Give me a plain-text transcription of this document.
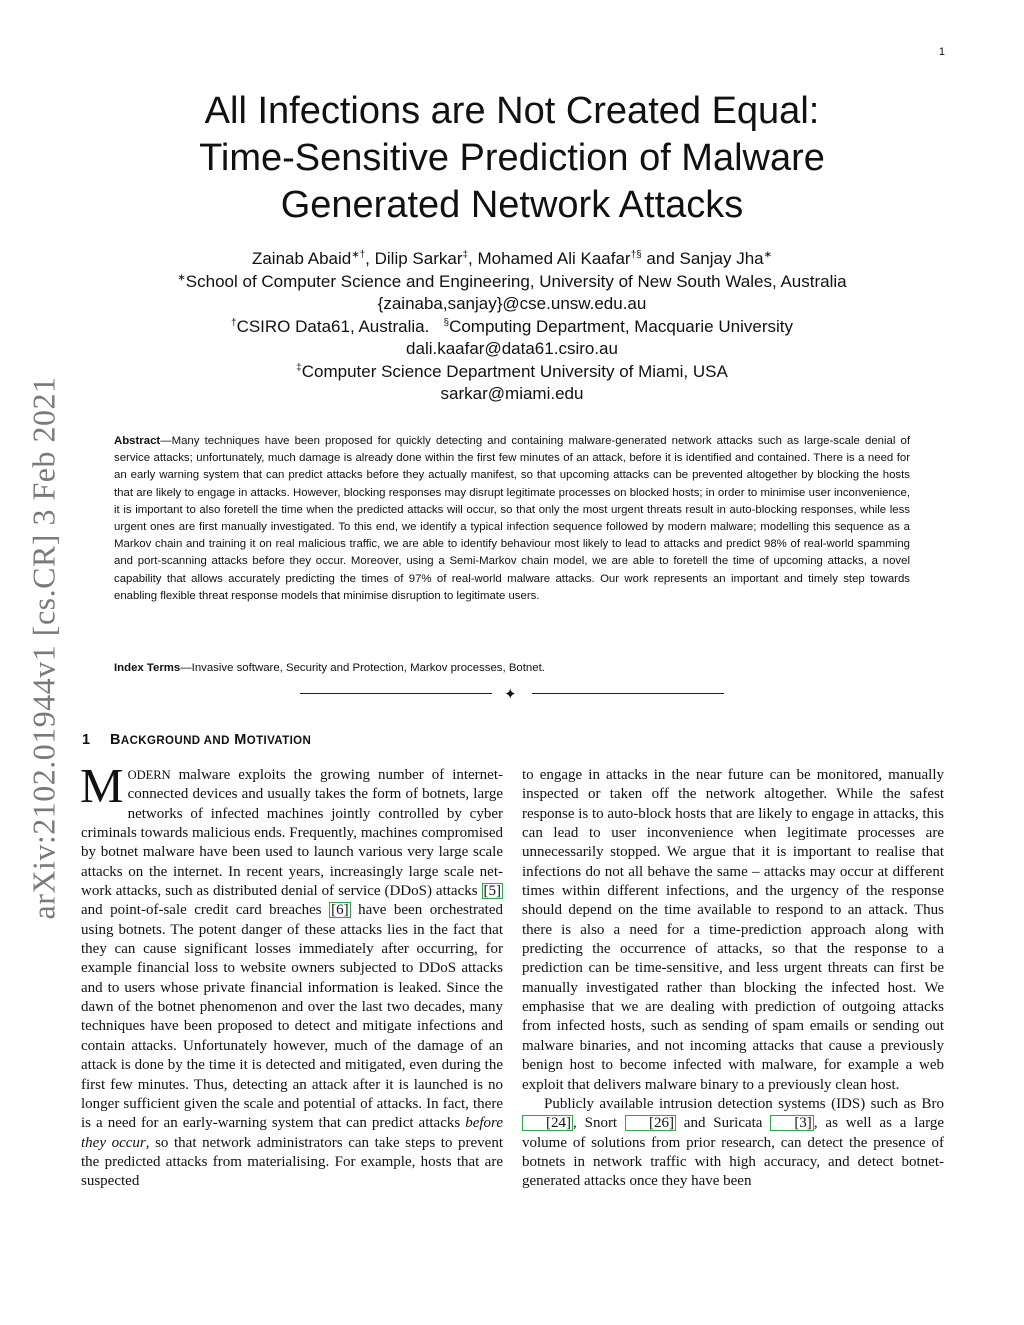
1
arXiv:2102.01944v1 [cs.CR] 3 Feb 2021
All Infections are Not Created Equal:
Time-Sensitive Prediction of Malware
Generated Network Attacks
Zainab Abaid∗†, Dilip Sarkar‡, Mohamed Ali Kaafar†§ and Sanjay Jha∗
∗School of Computer Science and Engineering, University of New South Wales, Australia
{zainaba,sanjay}@cse.unsw.edu.au
†CSIRO Data61, Australia. §Computing Department, Macquarie University
dali.kaafar@data61.csiro.au
‡Computer Science Department University of Miami, USA
sarkar@miami.edu
Abstract—Many techniques have been proposed for quickly detecting and containing malware-generated network attacks such as large-scale denial of service attacks; unfortunately, much damage is already done within the first few minutes of an attack, before it is identified and contained. There is a need for an early warning system that can predict attacks before they actually manifest, so that upcoming attacks can be prevented altogether by blocking the hosts that are likely to engage in attacks. However, blocking responses may disrupt legitimate processes on blocked hosts; in order to minimise user inconvenience, it is important to also foretell the time when the predicted attacks will occur, so that only the most urgent threats result in auto-blocking responses, while less urgent ones are first manually investigated. To this end, we identify a typical infection sequence followed by modern malware; modelling this sequence as a Markov chain and training it on real malicious traffic, we are able to identify behaviour most likely to lead to attacks and predict 98% of real-world spamming and port-scanning attacks before they occur. Moreover, using a Semi-Markov chain model, we are able to foretell the time of upcoming attacks, a novel capability that allows accurately predicting the times of 97% of real-world malware attacks. Our work represents an important and timely step towards enabling flexible threat response models that minimise disruption to legitimate users.
Index Terms—Invasive software, Security and Protection, Markov processes, Botnet.
✦
1 BACKGROUND AND MOTIVATION

MODERN malware exploits the growing number of internet-connected devices and usually takes the form of botnets, large networks of infected machines jointly controlled by cyber criminals towards malicious ends. Frequently, machines compromised by botnet malware have been used to launch various very large scale attacks on the internet. In recent years, increasingly large scale network attacks, such as distributed denial of service (DDoS) attacks [5] and point-of-sale credit card breaches [6] have been orchestrated using botnets. The potent danger of these attacks lies in the fact that they can cause significant losses immediately after occurring, for example financial loss to website owners subjected to DDoS attacks and to users whose private financial information is leaked. Since the dawn of the botnet phenomenon and over the last two decades, many techniques have been proposed to detect and mitigate infections and contain attacks. Unfortunately however, much of the damage of an attack is done by the time it is detected and mitigated, even during the first few minutes. Thus, detecting an attack after it is launched is no longer sufficient given the scale and potential of attacks. In fact, there is a need for an early-warning system that can predict attacks before they occur, so that network administrators can take steps to prevent the predicted attacks from materialising. For example, hosts that are suspected

to engage in attacks in the near future can be monitored, manually inspected or taken off the network altogether. While the safest response is to auto-block hosts that are likely to engage in attacks, this can lead to user inconvenience when legitimate processes are unnecessarily stopped. We argue that it is important to realise that infections do not all behave the same – attacks may occur at different times within different infections, and the urgency of the response should depend on the time available to respond to an attack. Thus there is also a need for a time-prediction approach along with predicting the occurrence of attacks, so that the response to a prediction can be time-sensitive, and less urgent threats can first be manually investigated rather than blocking the infected host. We emphasise that we are dealing with prediction of outgoing attacks from infected hosts, such as sending of spam emails or sending out malware binaries, and not incoming attacks that cause a previously benign host to become infected with malware, for example a web exploit that delivers malware binary to a previously clean host.

Publicly available intrusion detection systems (IDS) such as Bro [24] , Snort [26] and Suricata [3] , as well as a large volume of solutions from prior research, can detect the presence of botnets in network traffic with high accuracy, and detect botnet-generated attacks once they have been
